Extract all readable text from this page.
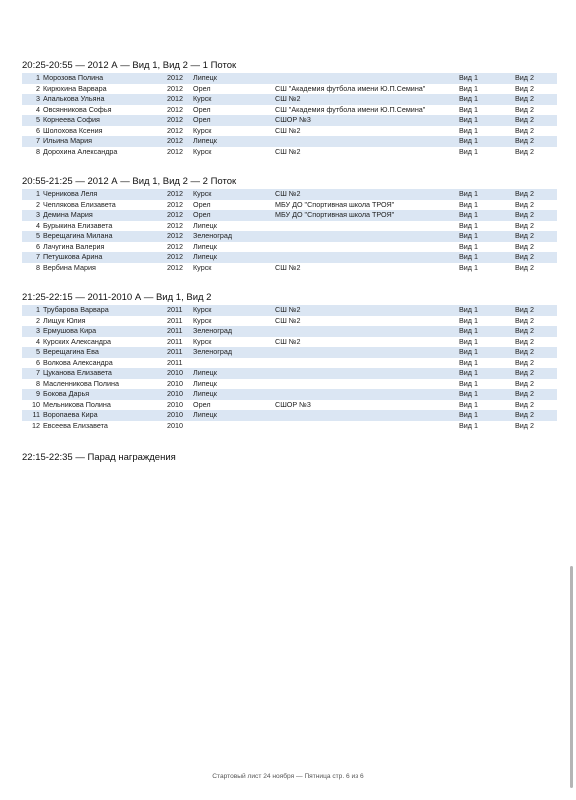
20:25-20:55 — 2012 А — Вид 1, Вид 2 — 1 Поток
1	Морозова Полина	2012	Липецк		Вид 1	Вид 2
2	Кирюхина Варвара	2012	Орел	СШ "Академия футбола имени Ю.П.Семина"	Вид 1	Вид 2
3	Апалькова Ульяна	2012	Курск	СШ №2	Вид 1	Вид 2
4	Овсянникова Софья	2012	Орел	СШ "Академия футбола имени Ю.П.Семина"	Вид 1	Вид 2
5	Корнеева София	2012	Орел	СШОР №3	Вид 1	Вид 2
6	Шолохова Ксения	2012	Курск	СШ №2	Вид 1	Вид 2
7	Ильина Мария	2012	Липецк		Вид 1	Вид 2
8	Дорохина Александра	2012	Курск	СШ №2	Вид 1	Вид 2
20:55-21:25 — 2012 А — Вид 1, Вид 2 — 2 Поток
1	Черникова Леля	2012	Курск	СШ №2	Вид 1	Вид 2
2	Чеплякова Елизавета	2012	Орел	МБУ ДО "Спортивная школа ТРОЯ"	Вид 1	Вид 2
3	Демина Мария	2012	Орел	МБУ ДО "Спортивная школа ТРОЯ"	Вид 1	Вид 2
4	Бурыкина Елизавета	2012	Липецк		Вид 1	Вид 2
5	Верещагина Милана	2012	Зеленоград		Вид 1	Вид 2
6	Лачугина Валерия	2012	Липецк		Вид 1	Вид 2
7	Петушкова Арина	2012	Липецк		Вид 1	Вид 2
8	Вербина Мария	2012	Курск	СШ №2	Вид 1	Вид 2
21:25-22:15 — 2011-2010 А — Вид 1, Вид 2
1	Трубарова Варвара	2011	Курск	СШ №2	Вид 1	Вид 2
2	Лищук Юлия	2011	Курск	СШ №2	Вид 1	Вид 2
3	Ермушова Кира	2011	Зеленоград		Вид 1	Вид 2
4	Курских Александра	2011	Курск	СШ №2	Вид 1	Вид 2
5	Верещагина Ева	2011	Зеленоград		Вид 1	Вид 2
6	Волкова Александра	2011			Вид 1	Вид 2
7	Цуканова Елизавета	2010	Липецк		Вид 1	Вид 2
8	Масленникова Полина	2010	Липецк		Вид 1	Вид 2
9	Бокова Дарья	2010	Липецк		Вид 1	Вид 2
10	Мельникова Полина	2010	Орел	СШОР №3	Вид 1	Вид 2
11	Воропаева Кира	2010	Липецк		Вид 1	Вид 2
12	Евсеева Елизавета	2010			Вид 1	Вид 2
22:15-22:35 — Парад награждения
Стартовый лист 24 ноября — Пятница стр. 6 из 6
